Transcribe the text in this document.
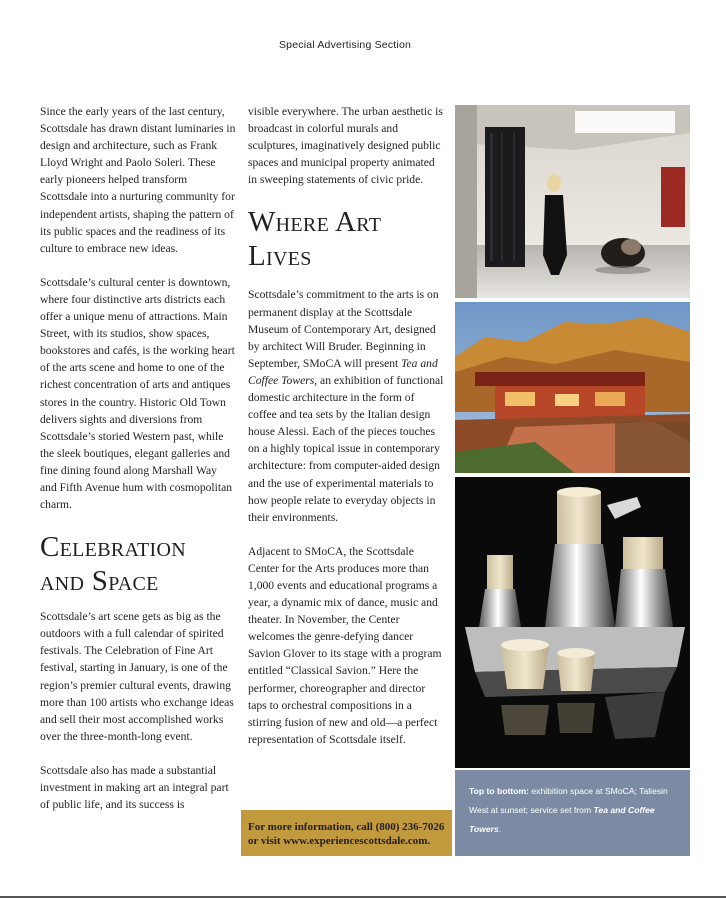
Special Advertising Section

Since the early years of the last century, Scottsdale has drawn distant luminaries in design and architecture, such as Frank Lloyd Wright and Paolo Soleri. These early pioneers helped transform Scottsdale into a nurturing community for independent artists, shaping the pattern of its public spaces and the readiness of its culture to embrace new ideas.

Scottsdale’s cultural center is downtown, where four distinctive arts districts each offer a unique menu of attractions. Main Street, with its studios, show spaces, bookstores and cafés, is the working heart of the arts scene and home to one of the richest concentration of arts and antiques stores in the country. Historic Old Town delivers sights and diversions from Scottsdale’s storied Western past, while the sleek boutiques, elegant galleries and fine dining found along Marshall Way and Fifth Avenue hum with cosmopolitan charm.

Celebration and Space

Scottsdale’s art scene gets as big as the outdoors with a full calendar of spirited festivals. The Celebration of Fine Art festival, starting in January, is one of the region’s premier cultural events, drawing more than 100 artists who exchange ideas and sell their most accomplished works over the three-month-long event.

Scottsdale also has made a substantial investment in making art an integral part of public life, and its success is

visible everywhere. The urban aesthetic is broadcast in colorful murals and sculptures, imaginatively designed public spaces and municipal property animated in sweeping statements of civic pride.

Where Art Lives

Scottsdale’s commitment to the arts is on permanent display at the Scottsdale Museum of Contemporary Art, designed by architect Will Bruder. Beginning in September, SMoCA will present Tea and Coffee Towers, an exhibition of functional domestic architecture in the form of coffee and tea sets by the Italian design house Alessi. Each of the pieces touches on a highly topical issue in contemporary architecture: from computer-aided design and the use of experimental materials to how people relate to everyday objects in their environments.

Adjacent to SMoCA, the Scottsdale Center for the Arts produces more than 1,000 events and educational programs a year, a dynamic mix of dance, music and theater. In November, the Center welcomes the genre-defying dancer Savion Glover to its stage with a program entitled “Classical Savion.” Here the performer, choreographer and director taps to orchestral compositions in a stirring fusion of new and old—a perfect representation of Scottsdale itself.

For more information, call (800) 236-7026
or visit www.experiencescottsdale.com.
Top to bottom: exhibition space at SMoCA; Taliesin West at sunset; service set from Tea and Coffee Towers.
